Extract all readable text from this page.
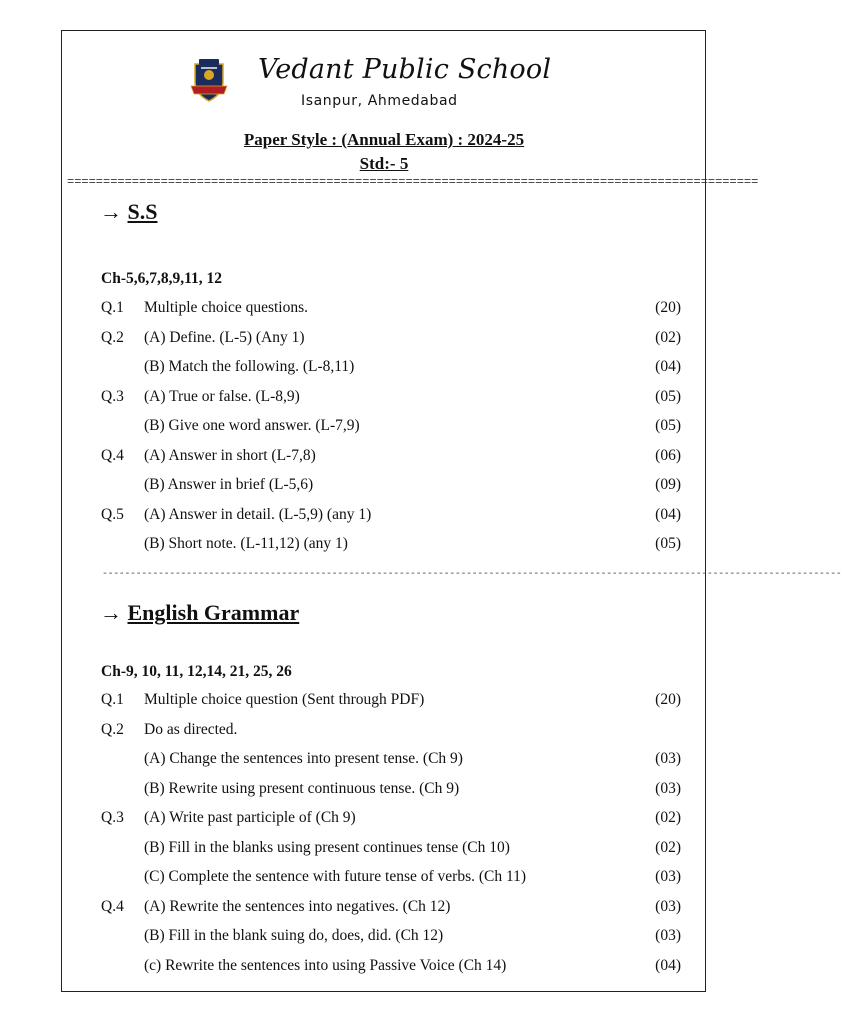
Vedant Public School
Isanpur, Ahmedabad
Paper Style : (Annual Exam) : 2024-25
Std:- 5
================================================================================================
→ S.S
Ch-5,6,7,8,9,11, 12
Q.1 Multiple choice questions.	(20)
Q.2 (A) Define. (L-5) (Any 1)	(02)
(B) Match the following. (L-8,11)	(04)
Q.3 (A) True or false. (L-8,9)	(05)
(B) Give one word answer. (L-7,9)	(05)
Q.4 (A) Answer in short (L-7,8)	(06)
(B) Answer in brief (L-5,6)	(09)
Q.5 (A) Answer in detail. (L-5,9) (any 1)	(04)
(B) Short note. (L-11,12) (any 1)	(05)
------------------------------------------------------------------------------------------------------------------------------------
→ English Grammar
Ch-9, 10, 11, 12,14, 21, 25, 26
Q.1 Multiple choice question (Sent through PDF)	(20)
Q.2 Do as directed.
(A) Change the sentences into present tense. (Ch 9)	(03)
(B) Rewrite using present continuous tense. (Ch 9)	(03)
Q.3 (A) Write past participle of (Ch 9)	(02)
(B) Fill in the blanks using present continues tense (Ch 10)	(02)
(C) Complete the sentence with future tense of verbs. (Ch 11)	(03)
Q.4 (A) Rewrite the sentences into negatives. (Ch 12)	(03)
(B) Fill in the blank suing do, does, did. (Ch 12)	(03)
(c) Rewrite the sentences into using Passive Voice (Ch 14)	(04)
